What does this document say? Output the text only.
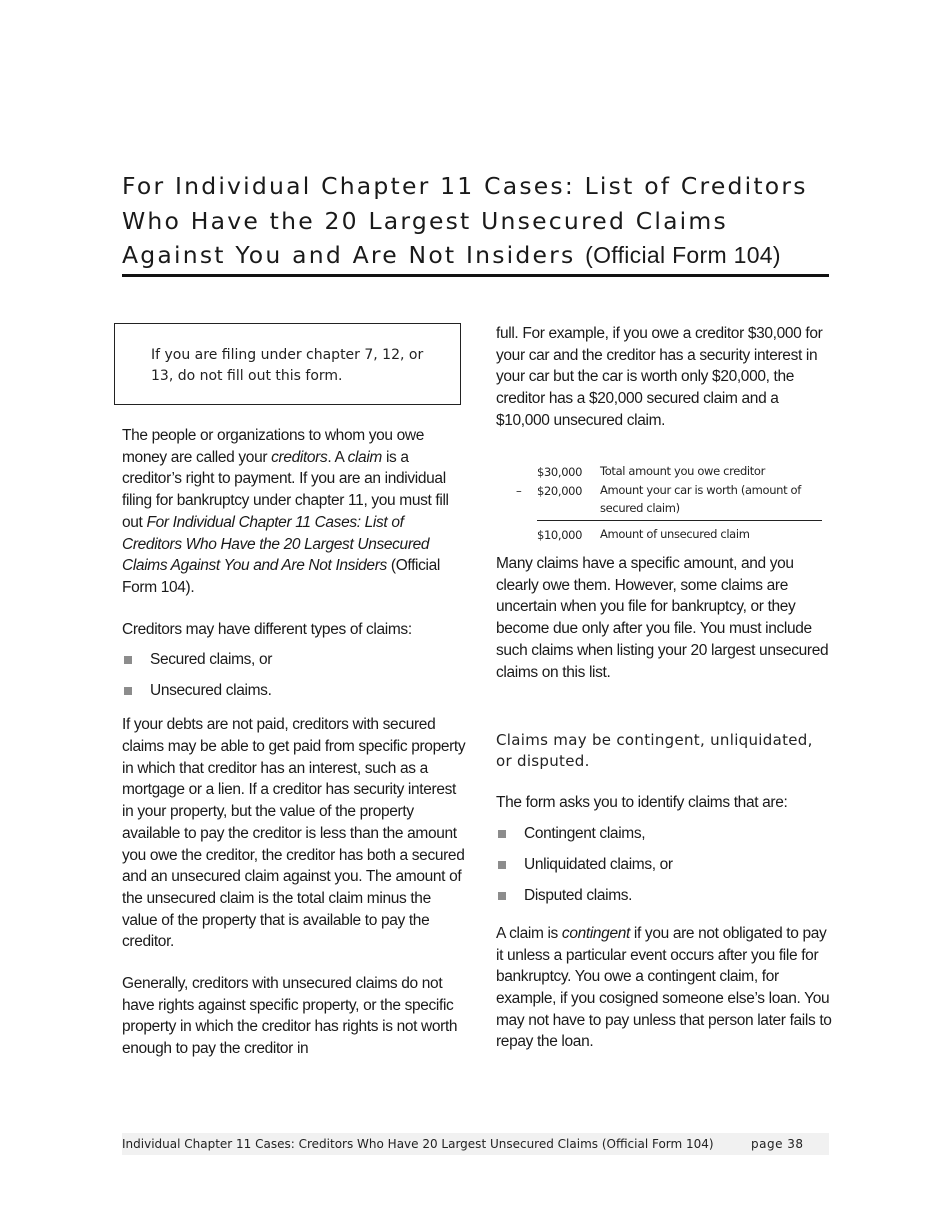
For Individual Chapter 11 Cases: List of Creditors
Who Have the 20 Largest Unsecured Claims
Against You and Are Not Insiders (Official Form 104)

If you are filing under chapter 7, 12, or 13, do not fill out this form.

The people or organizations to whom you owe money are called your creditors. A claim is a creditor’s right to payment. If you are an individual filing for bankruptcy under chapter 11, you must fill out For Individual Chapter 11 Cases: List of Creditors Who Have the 20 Largest Unsecured Claims Against You and Are Not Insiders (Official Form 104).

Creditors may have different types of claims:

Secured claims, or
Unsecured claims.

If your debts are not paid, creditors with secured claims may be able to get paid from specific property in which that creditor has an interest, such as a mortgage or a lien. If a creditor has security interest in your property, but the value of the property available to pay the creditor is less than the amount you owe the creditor, the creditor has both a secured and an unsecured claim against you. The amount of the unsecured claim is the total claim minus the value of the property that is available to pay the creditor.

Generally, creditors with unsecured claims do not have rights against specific property, or the specific property in which the creditor has rights is not worth enough to pay the creditor in

full. For example, if you owe a creditor $30,000 for your car and the creditor has a security interest in your car but the car is worth only $20,000, the creditor has a $20,000 secured claim and a $10,000 unsecured claim.

$30,000	Total amount you owe creditor
– $20,000	Amount your car is worth (amount of secured claim)
$10,000	Amount of unsecured claim

Many claims have a specific amount, and you clearly owe them. However, some claims are uncertain when you file for bankruptcy, or they become due only after you file. You must include such claims when listing your 20 largest unsecured claims on this list.

Claims may be contingent, unliquidated, or disputed.

The form asks you to identify claims that are:

Contingent claims,
Unliquidated claims, or
Disputed claims.

A claim is contingent if you are not obligated to pay it unless a particular event occurs after you file for bankruptcy. You owe a contingent claim, for example, if you cosigned someone else’s loan. You may not have to pay unless that person later fails to repay the loan.

Individual Chapter 11 Cases: Creditors Who Have 20 Largest Unsecured Claims (Official Form 104)	page 38
